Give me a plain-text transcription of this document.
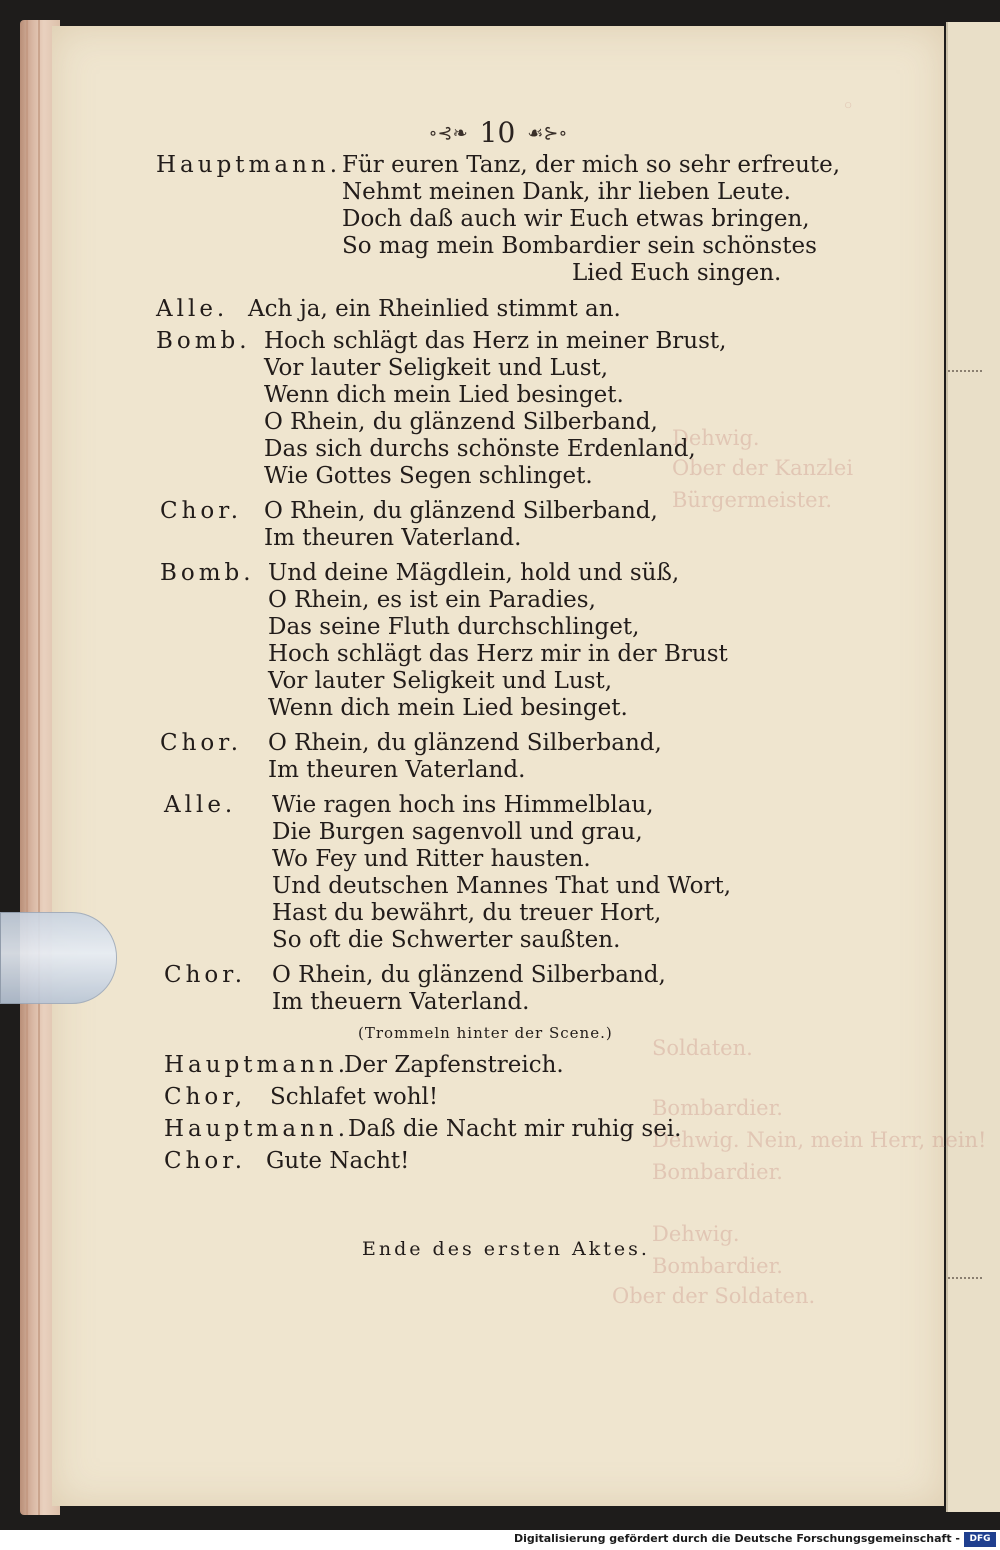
◦
Dehwig.
Ober der Kanzlei
Bürgermeister.
Soldaten.
Bombardier.
Dehwig. Nein, mein Herr, nein!
Bombardier.
Dehwig.
Bombardier.
Ober der Soldaten.
∘⊰❧ 10 ☙⊱∘
Hauptmann. Für euren Tanz, der mich so sehr erfreute,
Nehmt meinen Dank, ihr lieben Leute.
Doch daß auch wir Euch etwas bringen,
So mag mein Bombardier sein schönstes
Lied Euch singen.
Alle. Ach ja, ein Rheinlied stimmt an.
Bomb. Hoch schlägt das Herz in meiner Brust,
Vor lauter Seligkeit und Lust,
Wenn dich mein Lied besinget.
O Rhein, du glänzend Silberband,
Das sich durchs schönste Erdenland,
Wie Gottes Segen schlinget.
Chor. O Rhein, du glänzend Silberband,
Im theuren Vaterland.
Bomb. Und deine Mägdlein, hold und süß,
O Rhein, es ist ein Paradies,
Das seine Fluth durchschlinget,
Hoch schlägt das Herz mir in der Brust
Vor lauter Seligkeit und Lust,
Wenn dich mein Lied besinget.
Chor. O Rhein, du glänzend Silberband,
Im theuren Vaterland.
Alle. Wie ragen hoch ins Himmelblau,
Die Burgen sagenvoll und grau,
Wo Fey und Ritter hausten.
Und deutschen Mannes That und Wort,
Hast du bewährt, du treuer Hort,
So oft die Schwerter saußten.
Chor. O Rhein, du glänzend Silberband,
Im theuern Vaterland.
(Trommeln hinter der Scene.)
Hauptmann.
Der Zapfenstreich.
Chor, Schlafet wohl!
Hauptmann.
Daß die Nacht mir ruhig sei.
Chor. Gute Nacht!
Ende des ersten Aktes.
Digitalisierung gefördert durch die Deutsche Forschungsgemeinschaft -	DFG
